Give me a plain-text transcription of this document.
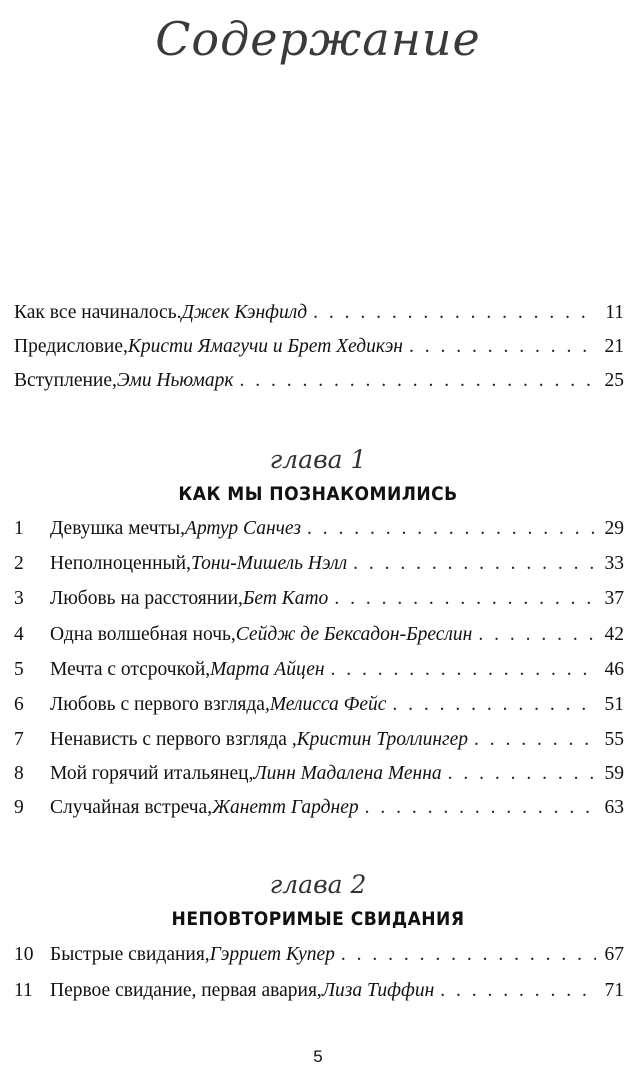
Содержание
Как все начиналось. Джек Кэнфилд . . .	11
Предисловие, Кристи Ямагучи и Брет Хедикэн . . .	21
Вступление, Эми Ньюмарк . . .	25
глава 1
КАК МЫ ПОЗНАКОМИЛИСЬ
1	Девушка мечты, Артур Санчез . . .	29
2	Неполноценный, Тони-Мишель Нэлл . . .	33
3	Любовь на расстоянии, Бет Като . . .	37
4	Одна волшебная ночь, Сейдж де Бексадон-Бреслин . . .	42
5	Мечта с отсрочкой, Марта Айцен . . .	46
6	Любовь с первого взгляда, Мелисса Фейс . . .	51
7	Ненависть с первого взгляда , Кристин Троллингер . . .	55
8	Мой горячий итальянец, Линн Мадалена Менна . . .	59
9	Случайная встреча, Жанетт Гарднер . . .	63
глава 2
НЕПОВТОРИМЫЕ СВИДАНИЯ
10 Быстрые свидания, Гэрриет Купер . . .	67
11 Первое свидание, первая авария, Лиза Тиффин . . .	71
5
